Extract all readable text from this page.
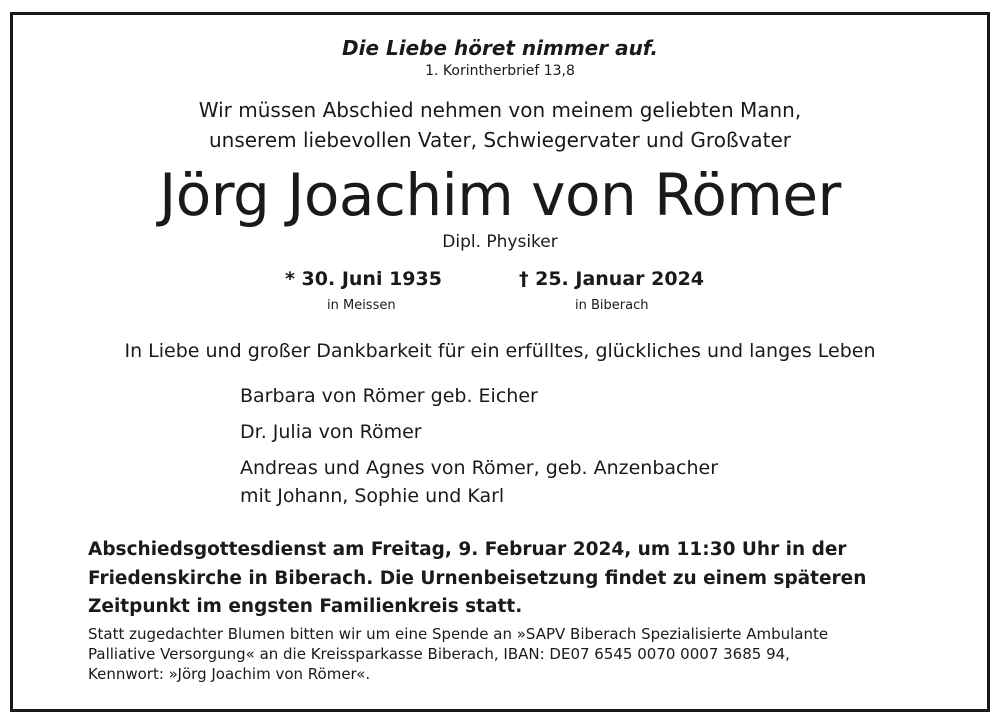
Die Liebe höret nimmer auf.
1. Korintherbrief 13,8
Wir müssen Abschied nehmen von meinem geliebten Mann,
unserem liebevollen Vater, Schwiegervater und Großvater
Jörg Joachim von Römer
Dipl. Physiker
* 30. Juni 1935
in Meissen
† 25. Januar 2024
in Biberach
In Liebe und großer Dankbarkeit für ein erfülltes, glückliches und langes Leben
Barbara von Römer geb. Eicher
Dr. Julia von Römer
Andreas und Agnes von Römer, geb. Anzenbacher
mit Johann, Sophie und Karl
Abschiedsgottesdienst am Freitag, 9. Februar 2024, um 11:30 Uhr in der
Friedenskirche in Biberach. Die Urnenbeisetzung findet zu einem späteren
Zeitpunkt im engsten Familienkreis statt.
Statt zugedachter Blumen bitten wir um eine Spende an »SAPV Biberach Spezialisierte Ambulante
Palliative Versorgung« an die Kreissparkasse Biberach, IBAN: DE07 6545 0070 0007 3685 94,
Kennwort: »Jörg Joachim von Römer«.
